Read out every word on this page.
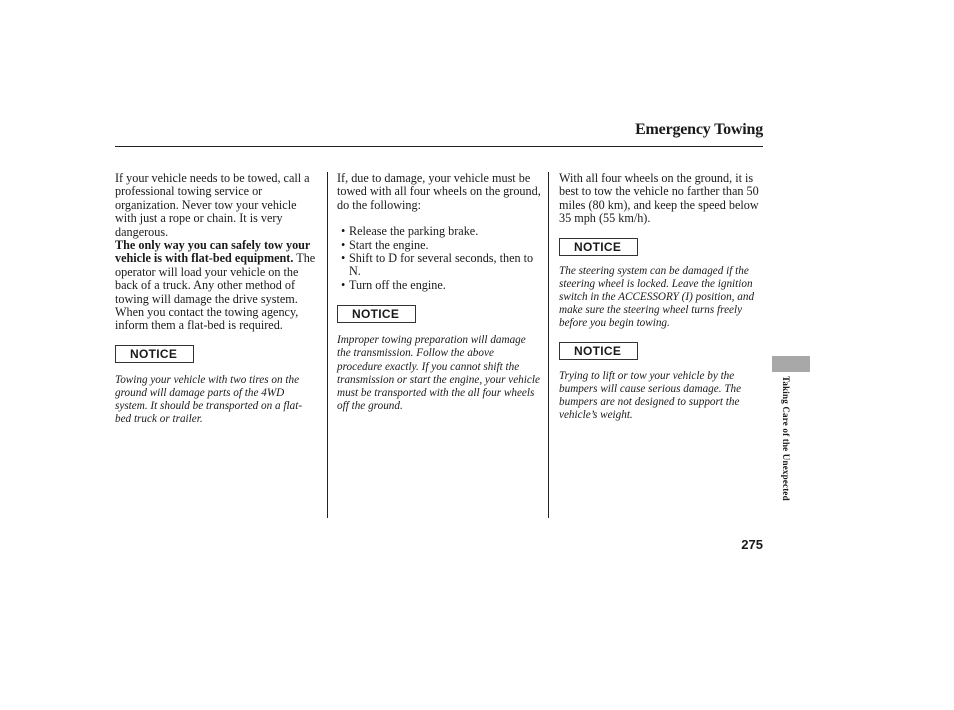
Emergency Towing

If your vehicle needs to be towed, call a professional towing service or organization. Never tow your vehicle with just a rope or chain. It is very dangerous.

The only way you can safely tow your vehicle is with flat-bed equipment. The operator will load your vehicle on the back of a truck. Any other method of towing will damage the drive system. When you contact the towing agency, inform them a flat-bed is required.

NOTICE

Towing your vehicle with two tires on the ground will damage parts of the 4WD system. It should be transported on a flat-bed truck or trailer.

If, due to damage, your vehicle must be towed with all four wheels on the ground, do the following:

• Release the parking brake.
• Start the engine.
• Shift to D for several seconds, then to N.
• Turn off the engine.
NOTICE

Improper towing preparation will damage the transmission. Follow the above procedure exactly. If you cannot shift the transmission or start the engine, your vehicle must be transported with the all four wheels off the ground.

With all four wheels on the ground, it is best to tow the vehicle no farther than 50 miles (80 km), and keep the speed below 35 mph (55 km/h).

NOTICE

The steering system can be damaged if the steering wheel is locked. Leave the ignition switch in the ACCESSORY (I) position, and make sure the steering wheel turns freely before you begin towing.

NOTICE

Trying to lift or tow your vehicle by the bumpers will cause serious damage. The bumpers are not designed to support the vehicle’s weight.	Taking Care of the Unexpected
275
